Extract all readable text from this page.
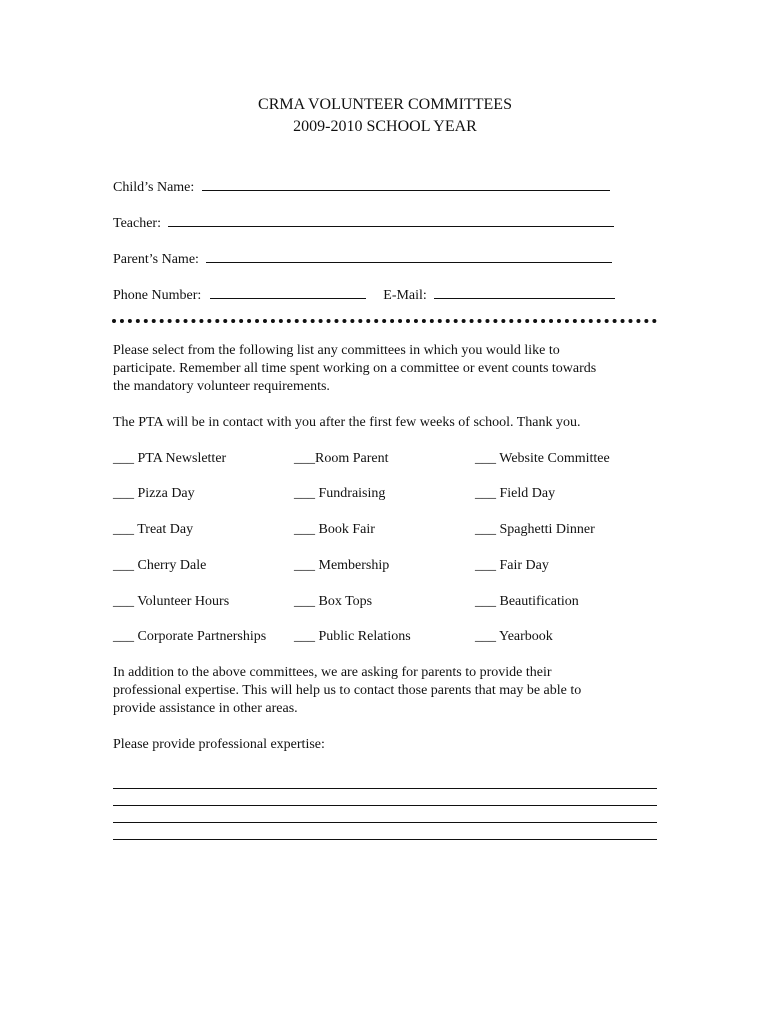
CRMA VOLUNTEER COMMITTEES
2009-2010 SCHOOL YEAR
Child’s Name:
Teacher:
Parent’s Name:
Phone Number:	E-Mail:
Please select from the following list any committees in which you would like to
participate. Remember all time spent working on a committee or event counts towards
the mandatory volunteer requirements.
The PTA will be in contact with you after the first few weeks of school. Thank you.
___ PTA Newsletter
___ Pizza Day
___ Treat Day
___ Cherry Dale
___ Volunteer Hours
___ Corporate Partnerships
___Room Parent
___ Fundraising
___ Book Fair
___ Membership
___ Box Tops
___ Public Relations
___ Website Committee
___ Field Day
___ Spaghetti Dinner
___ Fair Day
___ Beautification
___ Yearbook
In addition to the above committees, we are asking for parents to provide their
professional expertise. This will help us to contact those parents that may be able to
provide assistance in other areas.
Please provide professional expertise:
